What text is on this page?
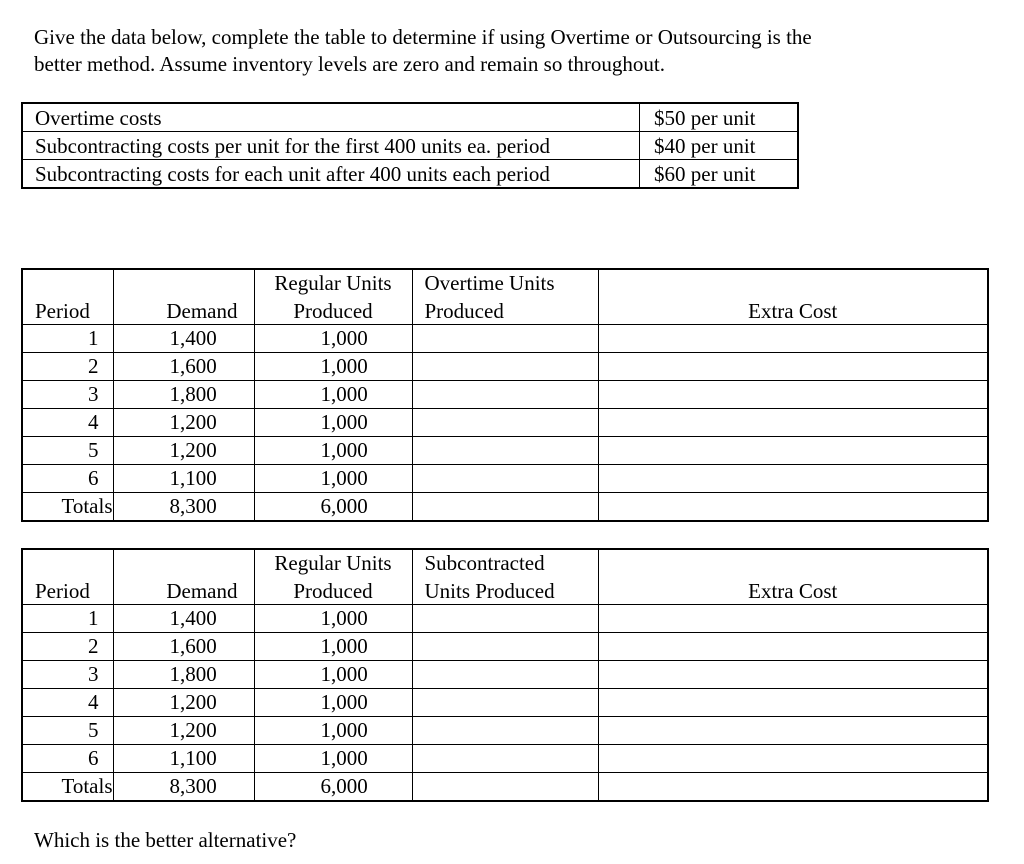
Give the data below, complete the table to determine if using Overtime or Outsourcing is the
better method. Assume inventory levels are zero and remain so throughout.

Overtime costs	$50 per unit
Subcontracting costs per unit for the first 400 units ea. period	$40 per unit
Subcontracting costs for each unit after 400 units each period	$60 per unit
		Regular Units	Overtime Units	
Period	Demand	Produced	Produced	Extra Cost
1	1,400	1,000		
2	1,600	1,000		
3	1,800	1,000		
4	1,200	1,000		
5	1,200	1,000		
6	1,100	1,000		
Totals	8,300	6,000		
		Regular Units	Subcontracted	
Period	Demand	Produced	Units Produced	Extra Cost
1	1,400	1,000		
2	1,600	1,000		
3	1,800	1,000		
4	1,200	1,000		
5	1,200	1,000		
6	1,100	1,000		
Totals	8,300	6,000		

Which is the better alternative?
